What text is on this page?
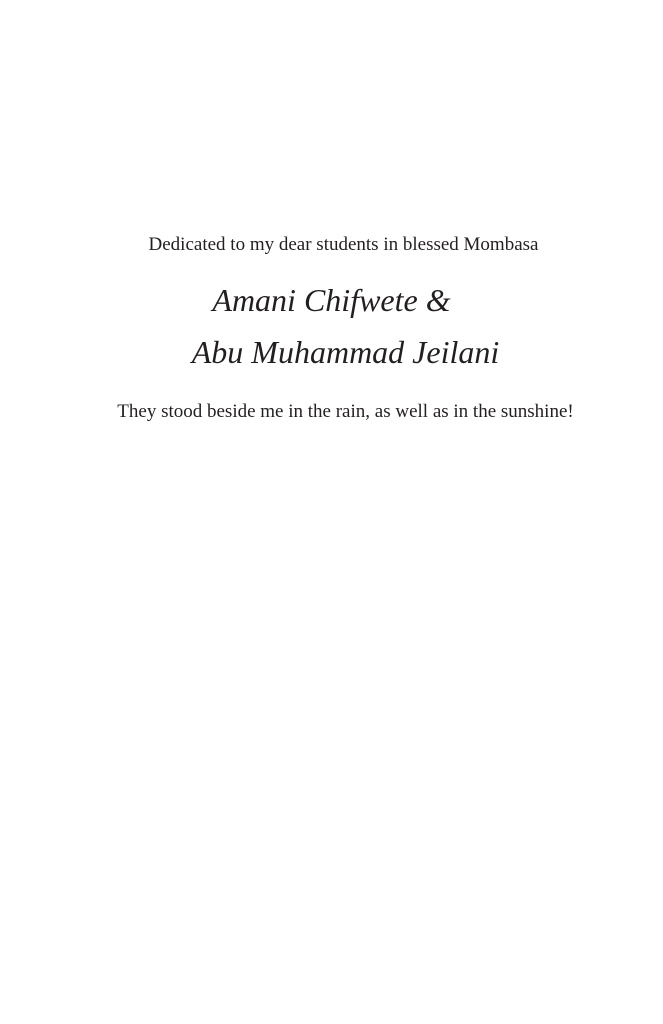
Dedicated to my dear students in blessed Mombasa
Amani Chifwete &
Abu Muhammad Jeilani
They stood beside me in the rain, as well as in the sunshine!
